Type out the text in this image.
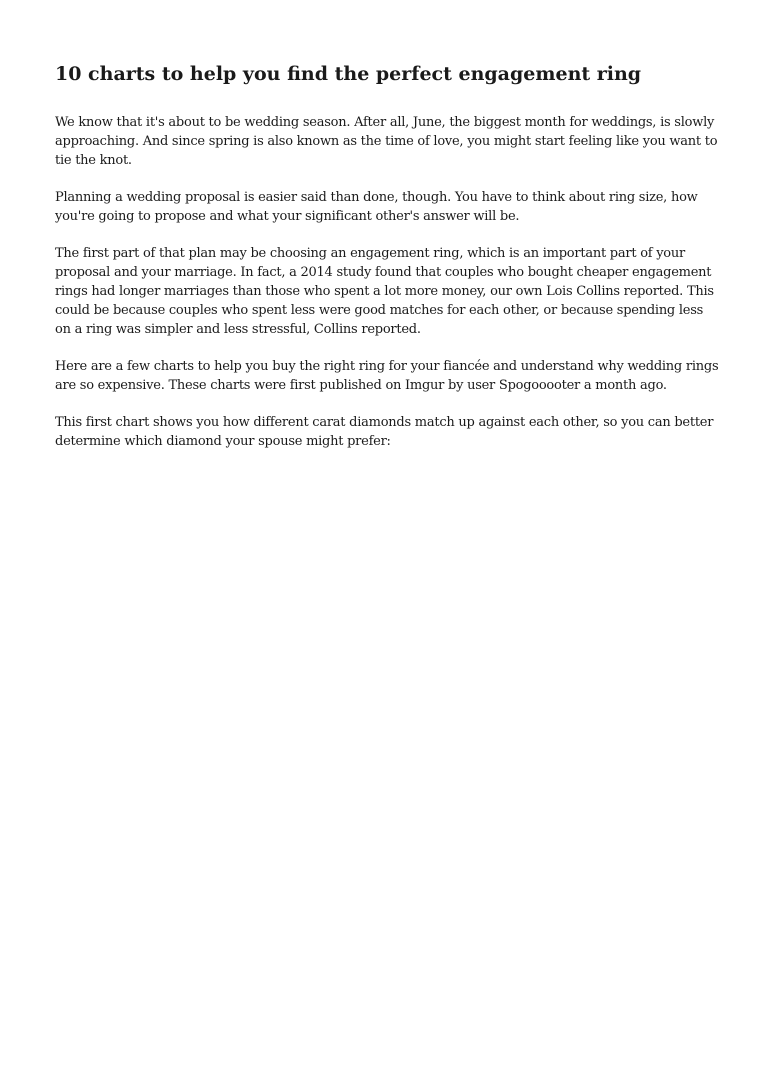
10 charts to help you find the perfect engagement ring

We know that it's about to be wedding season. After all, June, the biggest month for weddings, is slowly approaching. And since spring is also known as the time of love, you might start feeling like you want to tie the knot.

Planning a wedding proposal is easier said than done, though. You have to think about ring size, how you're going to propose and what your significant other's answer will be.

The first part of that plan may be choosing an engagement ring, which is an important part of your proposal and your marriage. In fact, a 2014 study found that couples who bought cheaper engagement rings had longer marriages than those who spent a lot more money, our own Lois Collins reported. This could be because couples who spent less were good matches for each other, or because spending less on a ring was simpler and less stressful, Collins reported.

Here are a few charts to help you buy the right ring for your fiancée and understand why wedding rings are so expensive. These charts were first published on Imgur by user Spogooooter a month ago.

This first chart shows you how different carat diamonds match up against each other, so you can better determine which diamond your spouse might prefer:
